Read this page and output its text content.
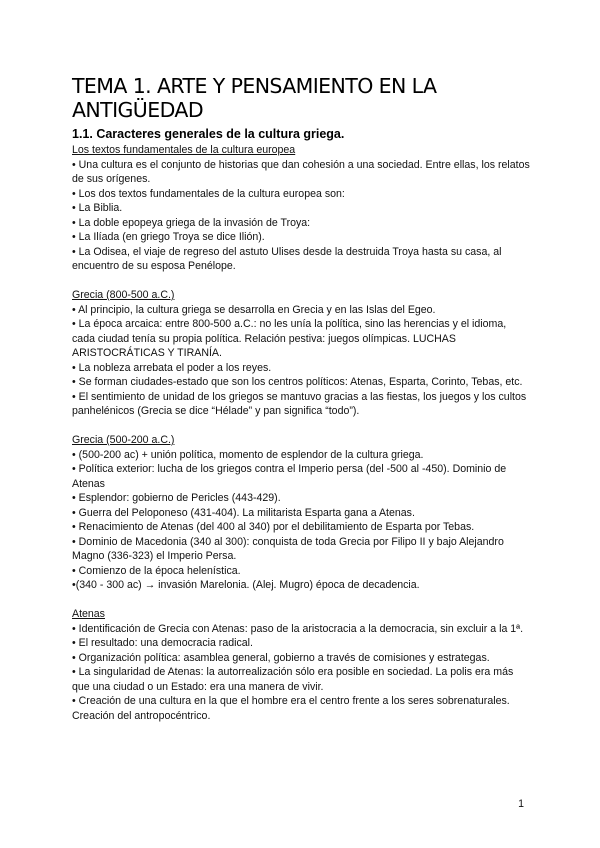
TEMA 1. ARTE Y PENSAMIENTO EN LA ANTIGÜEDAD
1.1. Caracteres generales de la cultura griega.

Los textos fundamentales de la cultura europea

• Una cultura es el conjunto de historias que dan cohesión a una sociedad. Entre ellas, los relatos de sus orígenes.

• Los dos textos fundamentales de la cultura europea son:

• La Biblia.

• La doble epopeya griega de la invasión de Troya:

• La Ilíada (en griego Troya se dice Ilión).

• La Odisea, el viaje de regreso del astuto Ulises desde la destruida Troya hasta su casa, al encuentro de su esposa Penélope.

Grecia (800-500 a.C.)

• Al principio, la cultura griega se desarrolla en Grecia y en las Islas del Egeo.

• La época arcaica: entre 800-500 a.C.: no les unía la política, sino las herencias y el idioma, cada ciudad tenía su propia política. Relación pestiva: juegos olímpicas. LUCHAS ARISTOCRÁTICAS Y TIRANÍA.

• La nobleza arrebata el poder a los reyes.

• Se forman ciudades-estado que son los centros políticos: Atenas, Esparta, Corinto, Tebas, etc.

• El sentimiento de unidad de los griegos se mantuvo gracias a las fiestas, los juegos y los cultos panhelénicos (Grecia se dice “Hélade” y pan significa “todo”).

Grecia (500-200 a.C.)

• (500-200 ac) + unión política, momento de esplendor de la cultura griega.

• Política exterior: lucha de los griegos contra el Imperio persa (del -500 al -450). Dominio de Atenas

• Esplendor: gobierno de Pericles (443-429).

• Guerra del Peloponeso (431-404). La militarista Esparta gana a Atenas.

• Renacimiento de Atenas (del 400 al 340) por el debilitamiento de Esparta por Tebas.

• Dominio de Macedonia (340 al 300): conquista de toda Grecia por Filipo II y bajo Alejandro Magno (336-323) el Imperio Persa.

• Comienzo de la época helenística.

•(340 - 300 ac) → invasión Marelonia. (Alej. Mugro) época de decadencia.

Atenas

• Identificación de Grecia con Atenas: paso de la aristocracia a la democracia, sin excluir a la 1ª.

• El resultado: una democracia radical.

• Organización política: asamblea general, gobierno a través de comisiones y estrategas.

• La singularidad de Atenas: la autorrealización sólo era posible en sociedad. La polis era más que una ciudad o un Estado: era una manera de vivir.

• Creación de una cultura en la que el hombre era el centro frente a los seres sobrenaturales. Creación del antropocéntrico.

1
